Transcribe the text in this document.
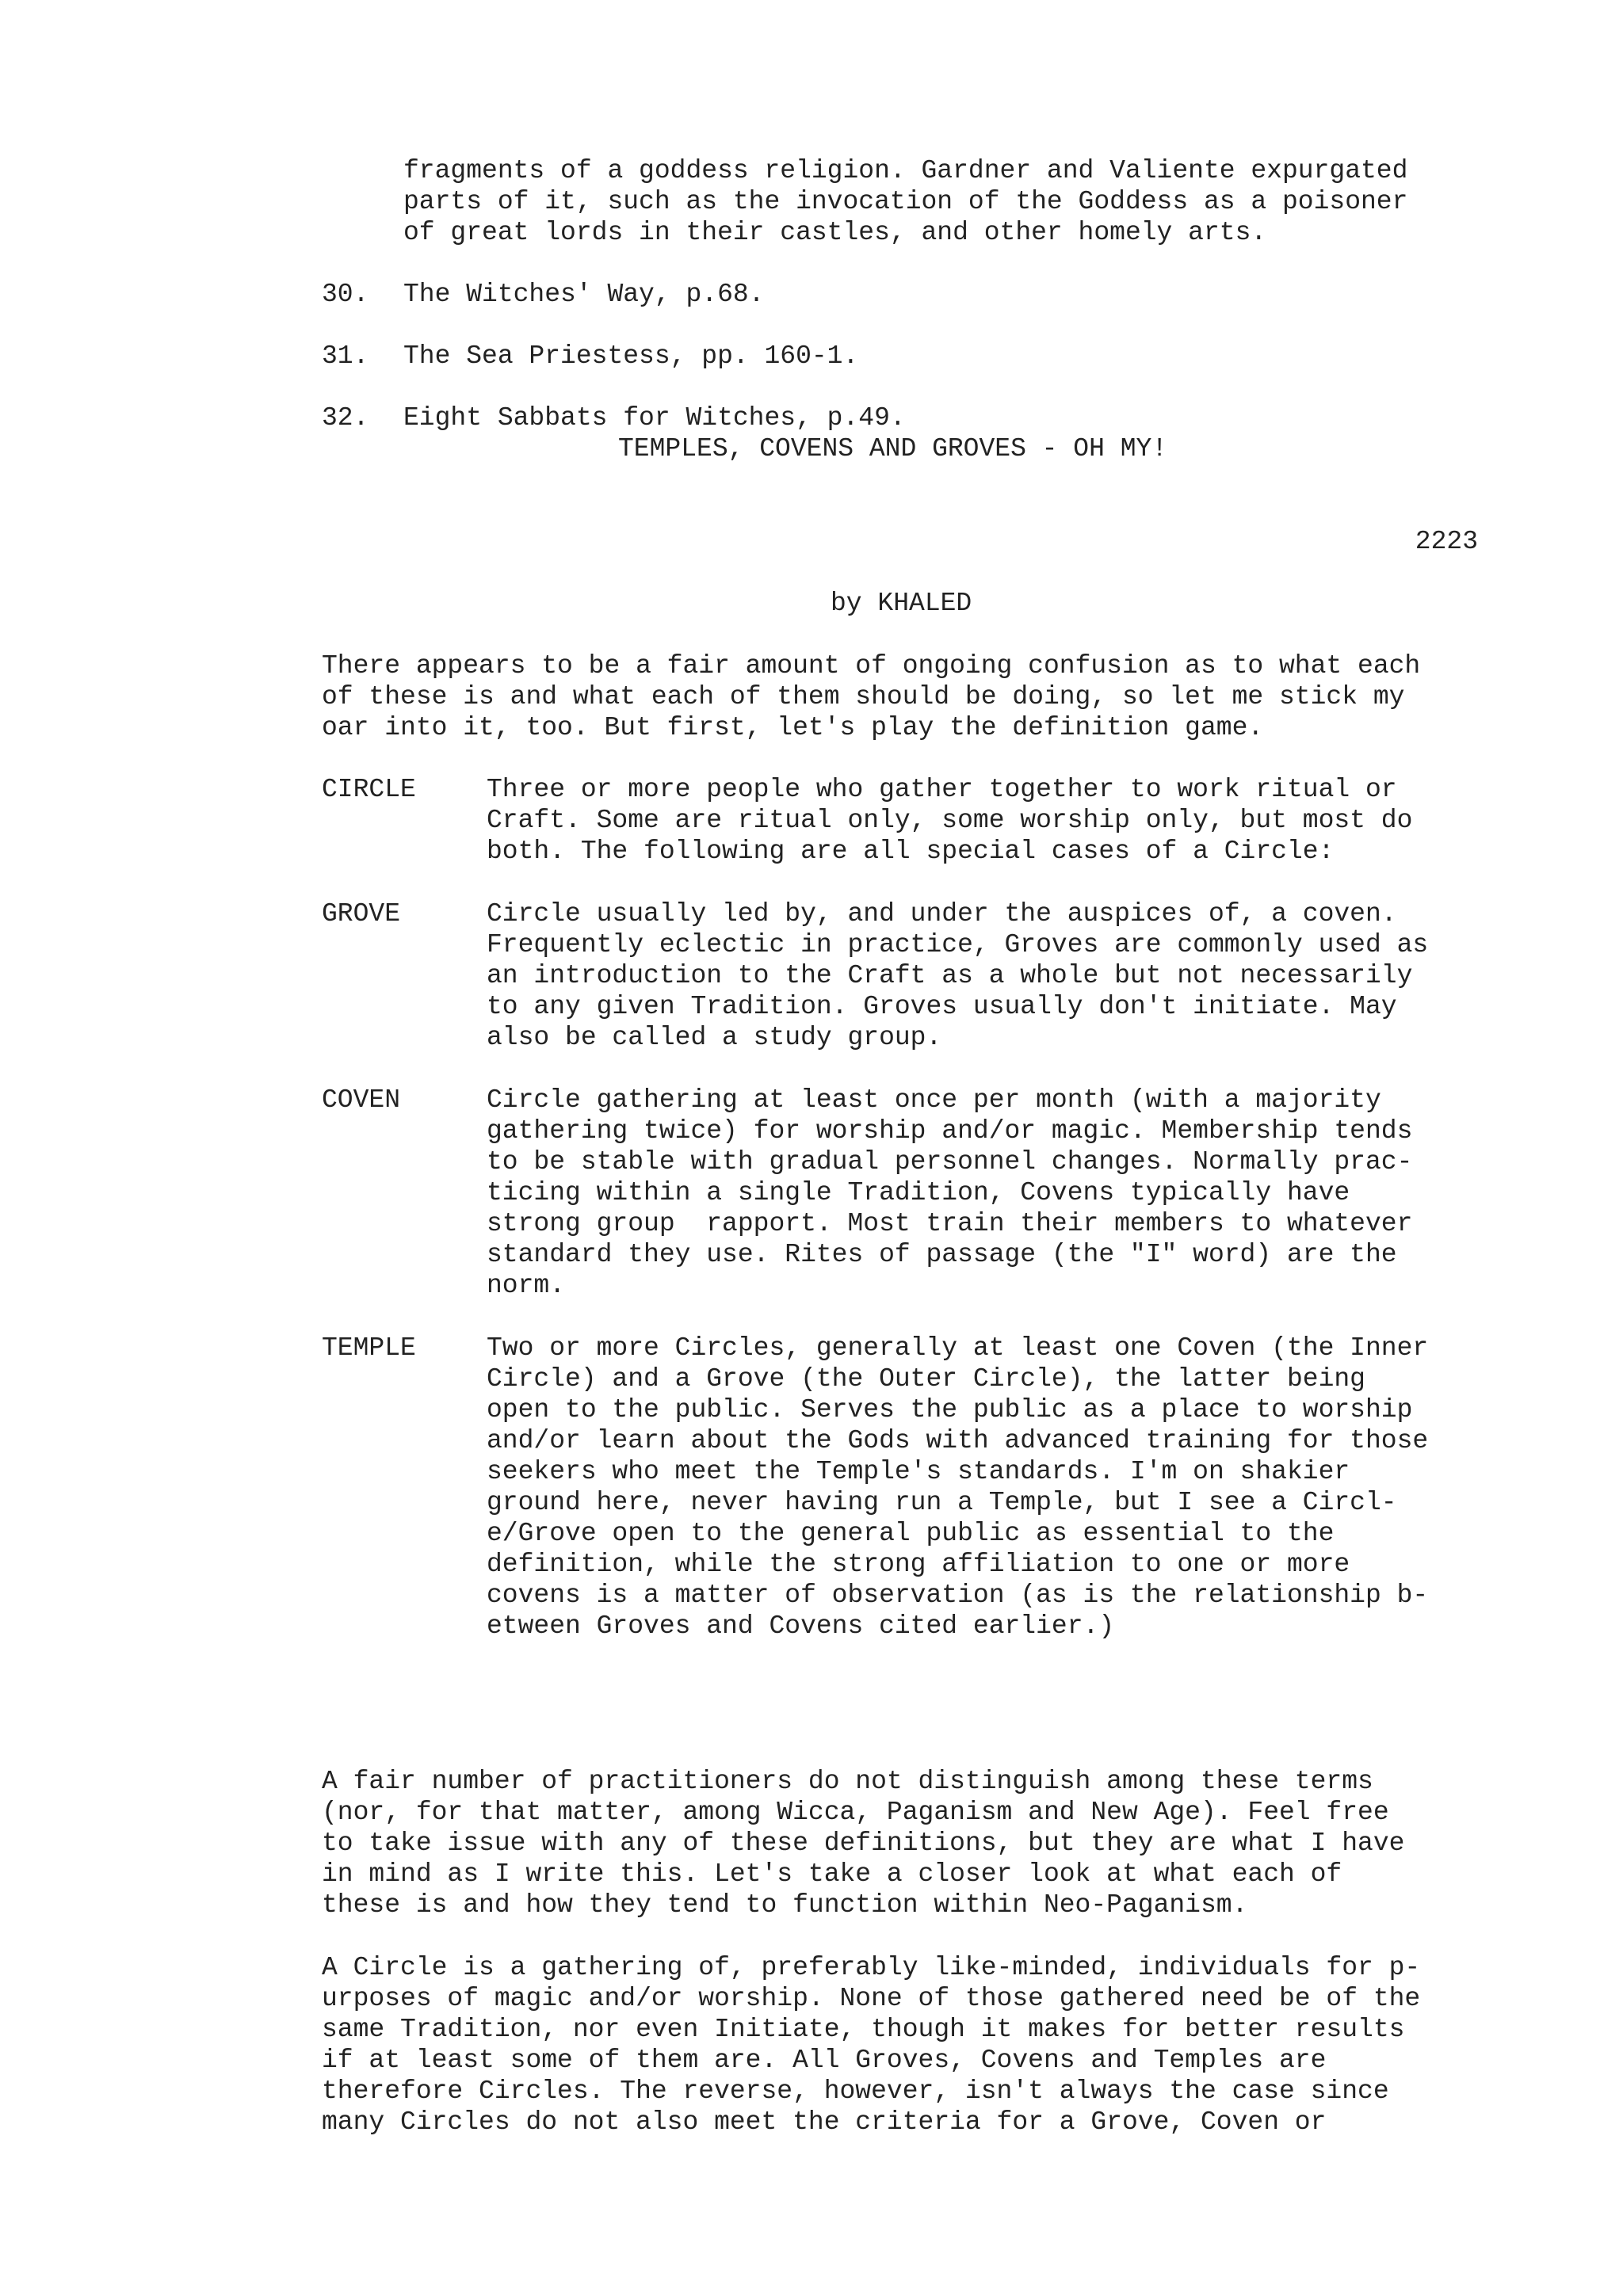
fragments of a goddess religion. Gardner and Valiente expurgated
parts of it, such as the invocation of the Goddess as a poisoner
of great lords in their castles, and other homely arts.
30. The Witches' Way, p.68.
31. The Sea Priestess, pp. 160-1.
32. Eight Sabbats for Witches, p.49.
TEMPLES, COVENS AND GROVES - OH MY!
2223
by KHALED
There appears to be a fair amount of ongoing confusion as to what each
of these is and what each of them should be doing, so let me stick my
oar into it, too. But first, let's play the definition game.
CIRCLE	Three or more people who gather together to work ritual or
Craft. Some are ritual only, some worship only, but most do
both. The following are all special cases of a Circle:
GROVE	Circle usually led by, and under the auspices of, a coven.
Frequently eclectic in practice, Groves are commonly used as
an introduction to the Craft as a whole but not necessarily
to any given Tradition. Groves usually don't initiate. May
also be called a study group.
COVEN	Circle gathering at least once per month (with a majority
gathering twice) for worship and/or magic. Membership tends
to be stable with gradual personnel changes. Normally prac-
ticing within a single Tradition, Covens typically have
strong group  rapport. Most train their members to whatever
standard they use. Rites of passage (the "I" word) are the
norm.
TEMPLE	Two or more Circles, generally at least one Coven (the Inner
Circle) and a Grove (the Outer Circle), the latter being
open to the public. Serves the public as a place to worship
and/or learn about the Gods with advanced training for those
seekers who meet the Temple's standards. I'm on shakier
ground here, never having run a Temple, but I see a Circl-
e/Grove open to the general public as essential to the
definition, while the strong affiliation to one or more
covens is a matter of observation (as is the relationship b-
etween Groves and Covens cited earlier.)
A fair number of practitioners do not distinguish among these terms
(nor, for that matter, among Wicca, Paganism and New Age). Feel free
to take issue with any of these definitions, but they are what I have
in mind as I write this. Let's take a closer look at what each of
these is and how they tend to function within Neo-Paganism.
A Circle is a gathering of, preferably like-minded, individuals for p-
urposes of magic and/or worship. None of those gathered need be of the
same Tradition, nor even Initiate, though it makes for better results
if at least some of them are. All Groves, Covens and Temples are
therefore Circles. The reverse, however, isn't always the case since
many Circles do not also meet the criteria for a Grove, Coven or
